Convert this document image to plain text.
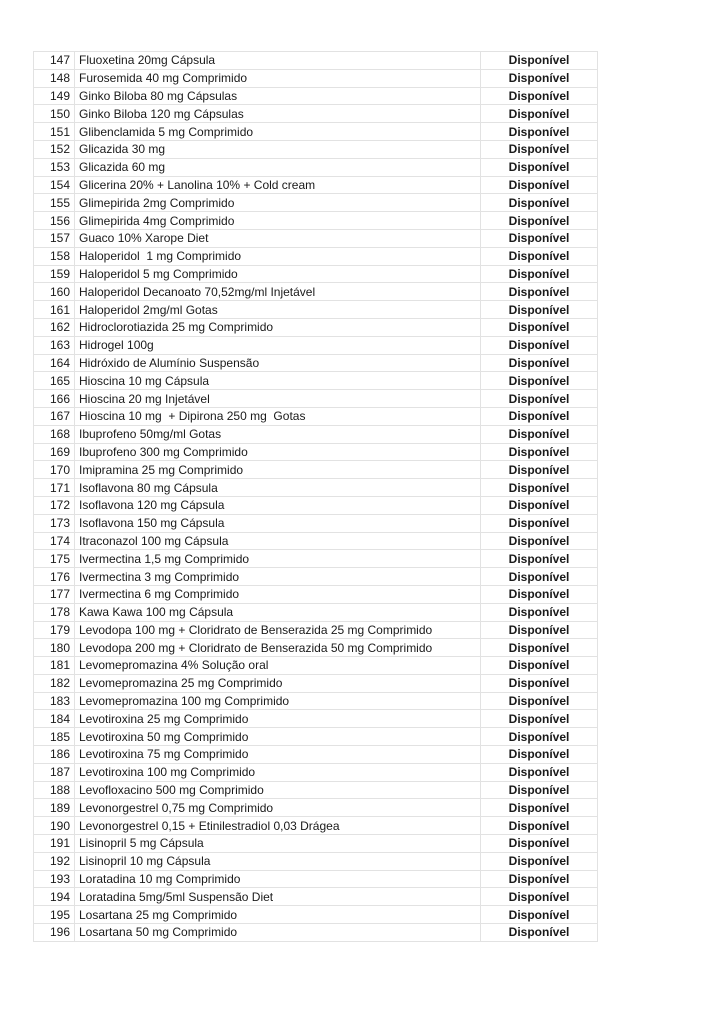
147	Fluoxetina 20mg Cápsula	Disponível
148	Furosemida 40 mg Comprimido	Disponível
149	Ginko Biloba 80 mg Cápsulas	Disponível
150	Ginko Biloba 120 mg Cápsulas	Disponível
151	Glibenclamida 5 mg Comprimido	Disponível
152	Glicazida 30 mg	Disponível
153	Glicazida 60 mg	Disponível
154	Glicerina 20% + Lanolina 10% + Cold cream	Disponível
155	Glimepirida 2mg Comprimido	Disponível
156	Glimepirida 4mg Comprimido	Disponível
157	Guaco 10% Xarope Diet	Disponível
158	Haloperidol  1 mg Comprimido	Disponível
159	Haloperidol 5 mg Comprimido	Disponível
160	Haloperidol Decanoato 70,52mg/ml Injetável	Disponível
161	Haloperidol 2mg/ml Gotas	Disponível
162	Hidroclorotiazida 25 mg Comprimido	Disponível
163	Hidrogel 100g	Disponível
164	Hidróxido de Alumínio Suspensão	Disponível
165	Hioscina 10 mg Cápsula	Disponível
166	Hioscina 20 mg Injetável	Disponível
167	Hioscina 10 mg  + Dipirona 250 mg  Gotas	Disponível
168	Ibuprofeno 50mg/ml Gotas	Disponível
169	Ibuprofeno 300 mg Comprimido	Disponível
170	Imipramina 25 mg Comprimido	Disponível
171	Isoflavona 80 mg Cápsula	Disponível
172	Isoflavona 120 mg Cápsula	Disponível
173	Isoflavona 150 mg Cápsula	Disponível
174	Itraconazol 100 mg Cápsula	Disponível
175	Ivermectina 1,5 mg Comprimido	Disponível
176	Ivermectina 3 mg Comprimido	Disponível
177	Ivermectina 6 mg Comprimido	Disponível
178	Kawa Kawa 100 mg Cápsula	Disponível
179	Levodopa 100 mg + Cloridrato de Benserazida 25 mg Comprimido	Disponível
180	Levodopa 200 mg + Cloridrato de Benserazida 50 mg Comprimido	Disponível
181	Levomepromazina 4% Solução oral	Disponível
182	Levomepromazina 25 mg Comprimido	Disponível
183	Levomepromazina 100 mg Comprimido	Disponível
184	Levotiroxina 25 mg Comprimido	Disponível
185	Levotiroxina 50 mg Comprimido	Disponível
186	Levotiroxina 75 mg Comprimido	Disponível
187	Levotiroxina 100 mg Comprimido	Disponível
188	Levofloxacino 500 mg Comprimido	Disponível
189	Levonorgestrel 0,75 mg Comprimido	Disponível
190	Levonorgestrel 0,15 + Etinilestradiol 0,03 Drágea	Disponível
191	Lisinopril 5 mg Cápsula	Disponível
192	Lisinopril 10 mg Cápsula	Disponível
193	Loratadina 10 mg Comprimido	Disponível
194	Loratadina 5mg/5ml Suspensão Diet	Disponível
195	Losartana 25 mg Comprimido	Disponível
196	Losartana 50 mg Comprimido	Disponível
